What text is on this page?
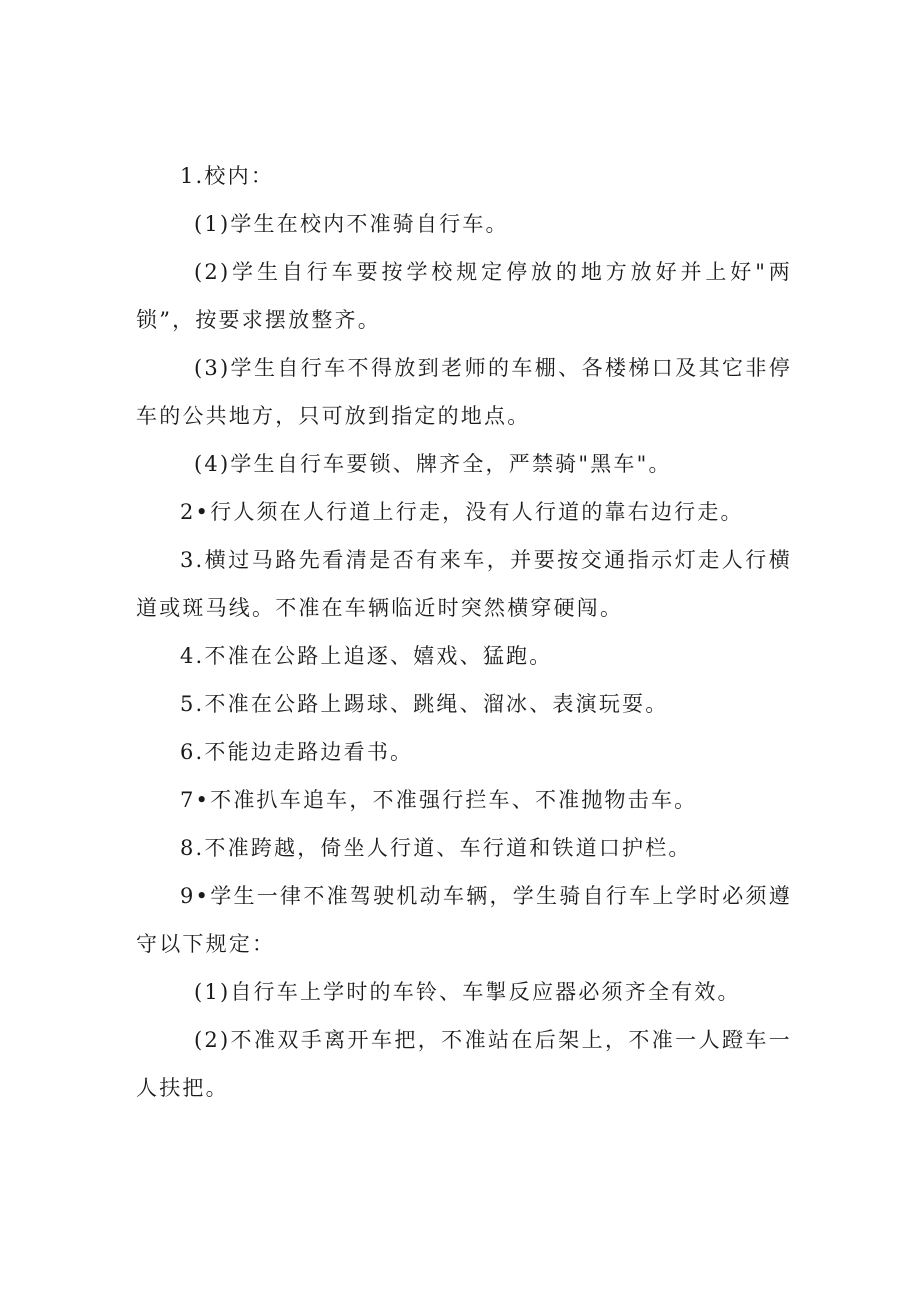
1.校内：

(1)学生在校内不准骑自行车。

(2)学生自行车要按学校规定停放的地方放好并上好"两锁”，按要求摆放整齐。

(3)学生自行车不得放到老师的车棚、各楼梯口及其它非停车的公共地方，只可放到指定的地点。

(4)学生自行车要锁、牌齐全，严禁骑"黑车"。

2•行人须在人行道上行走，没有人行道的靠右边行走。

3.横过马路先看清是否有来车，并要按交通指示灯走人行横道或斑马线。不准在车辆临近时突然横穿硬闯。

4.不准在公路上追逐、嬉戏、猛跑。

5.不准在公路上踢球、跳绳、溜冰、表演玩耍。

6.不能边走路边看书。

7•不准扒车追车，不准强行拦车、不准抛物击车。

8.不准跨越，倚坐人行道、车行道和铁道口护栏。

9•学生一律不准驾驶机动车辆，学生骑自行车上学时必须遵守以下规定：

(1)自行车上学时的车铃、车掣反应器必须齐全有效。

(2)不准双手离开车把，不准站在后架上，不准一人蹬车一人扶把。
